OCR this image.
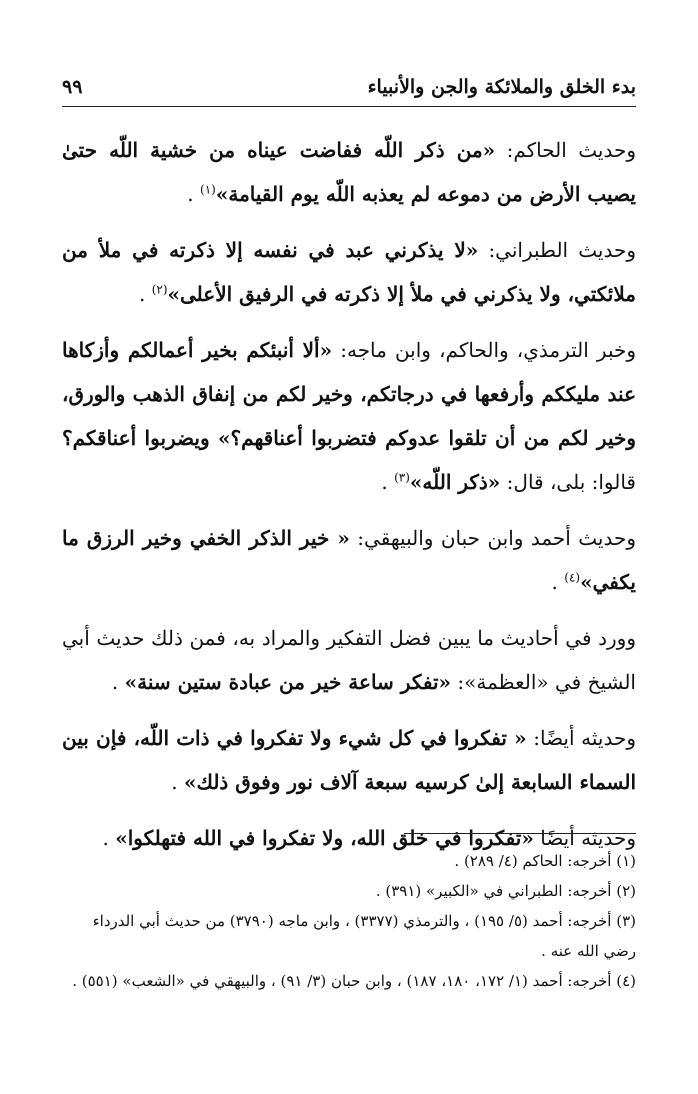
بدء الخلق والملائكة والجن والأنبياء
٩٩

وحديث الحاكم: «من ذكر اللّه ففاضت عيناه من خشية اللّه حتىٰ يصيب الأرض من دموعه لم يعذبه اللّه يوم القيامة»$^{(١)}$ .

وحديث الطبراني: «لا يذكرني عبد في نفسه إلا ذكرته في ملأ من ملائكتي، ولا يذكرني في ملأ إلا ذكرته في الرفيق الأعلى»$^{(٢)}$ .

وخبر الترمذي، والحاكم، وابن ماجه: «ألا أنبئكم بخير أعمالكم وأزكاها عند مليككم وأرفعها في درجاتكم، وخير لكم من إنفاق الذهب والورق، وخير لكم من أن تلقوا عدوكم فتضربوا أعناقهم؟» ويضربوا أعناقكم؟ قالوا: بلى، قال: «ذكر اللّه»$^{(٣)}$ .

وحديث أحمد وابن حبان والبيهقي: « خير الذكر الخفي وخير الرزق ما يكفي»$^{(٤)}$ .

وورد في أحاديث ما يبين فضل التفكير والمراد به، فمن ذلك حديث أبي الشيخ في «العظمة»: «تفكر ساعة خير من عبادة ستين سنة» .

وحديثه أيضًا: « تفكروا في كل شيء ولا تفكروا في ذات اللّه، فإن بين السماء السابعة إلىٰ كرسيه سبعة آلاف نور وفوق ذلك» .

وحديثه أيضًا «تفكروا في خلق الله، ولا تفكروا في الله فتهلكوا» .

(١) أخرجه: الحاكم (٤/ ٢٨٩) .

(٢) أخرجه: الطبراني في «الكبير» (٣٩١) .

(٣) أخرجه: أحمد (٥/ ١٩٥) ، والترمذي (٣٣٧٧) ، وابن ماجه (٣٧٩٠) من حديث أبي الدرداء رضي الله عنه .

(٤) أخرجه: أحمد (١/ ١٧٢، ١٨٠، ١٨٧) ، وابن حبان (٣/ ٩١) ، والبيهقي في «الشعب» (٥٥١) .
